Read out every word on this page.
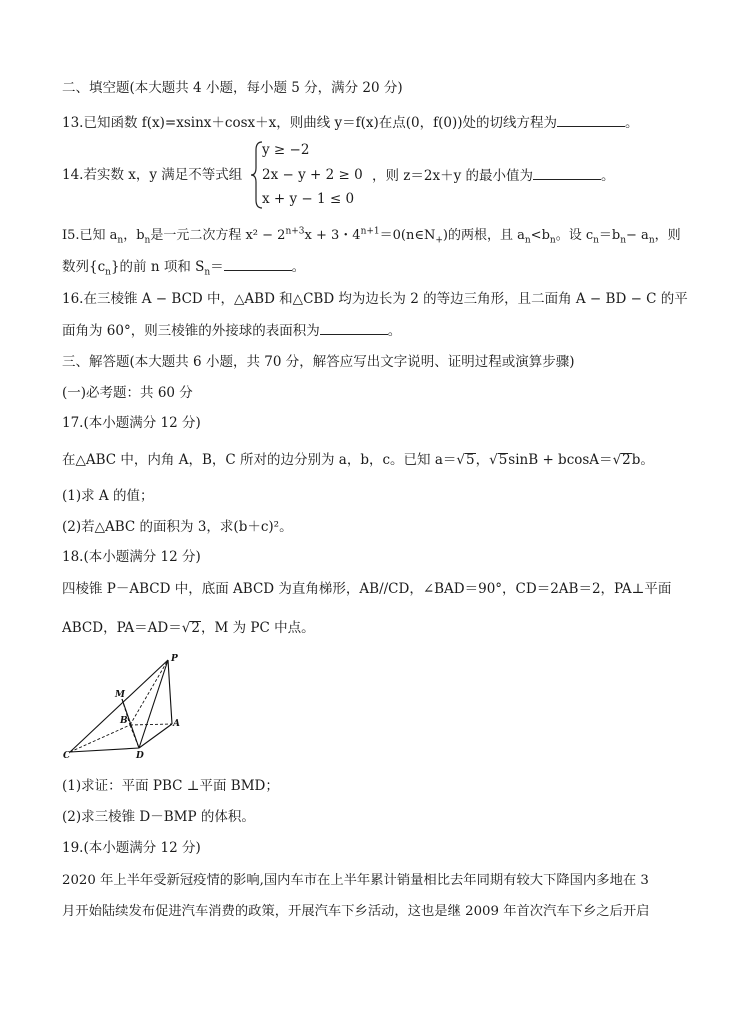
二、填空题(本大题共 4 小题，每小题 5 分，满分 20 分)
13.已知函数 f(x)=xsinx＋cosx＋x，则曲线 y＝f(x)在点(0，f(0))处的切线方程为	。
14.若实数 x，y 满足不等式组
y ≥ −2
2x − y + 2 ≥ 0
x + y − 1 ≤ 0
，则 z＝2x＋y 的最小值为	。
I5.已知 $a_n$，$b_n$是一元二次方程 $x^2 - 2^{n+3}x + 3$・$4^{n+1}=0(n\in N_+)$的两根，且 $a_n<b_n$。设 $c_n=b_n- a_n$，则
数列$\{c_n\}$的前 n 项和 $S_n=$	。
16.在三棱锥 A − BCD 中，△ABD 和△CBD 均为边长为 2 的等边三角形，且二面角 A − BD − C 的平
面角为 60°，则三棱锥的外接球的表面积为	。
三、解答题(本大题共 6 小题，共 70 分，解答应写出文字说明、证明过程或演算步骤)
(一)必考题：共 60 分
17.(本小题满分 12 分)
在△ABC 中，内角 A，B，C 所对的边分别为 a，b，c。已知 a＝√5，√5sinB + bcosA＝√2b。
(1)求 A 的值；
(2)若△ABC 的面积为 3，求(b＋c)²。
18.(本小题满分 12 分)
四棱锥 P－ABCD 中，底面 ABCD 为直角梯形，AB//CD，∠BAD＝90°，CD＝2AB＝2，PA⊥平面
ABCD，PA＝AD＝√2，M 为 PC 中点。
P
M
B	A
C	D
(1)求证：平面 PBC ⊥平面 BMD；
(2)求三棱锥 D－BMP 的体积。
19.(本小题满分 12 分)
2020 年上半年受新冠疫情的影响,国内车市在上半年累计销量相比去年同期有较大下降国内多地在 3
月开始陆续发布促进汽车消费的政策，开展汽车下乡活动，这也是继 2009 年首次汽车下乡之后开启
